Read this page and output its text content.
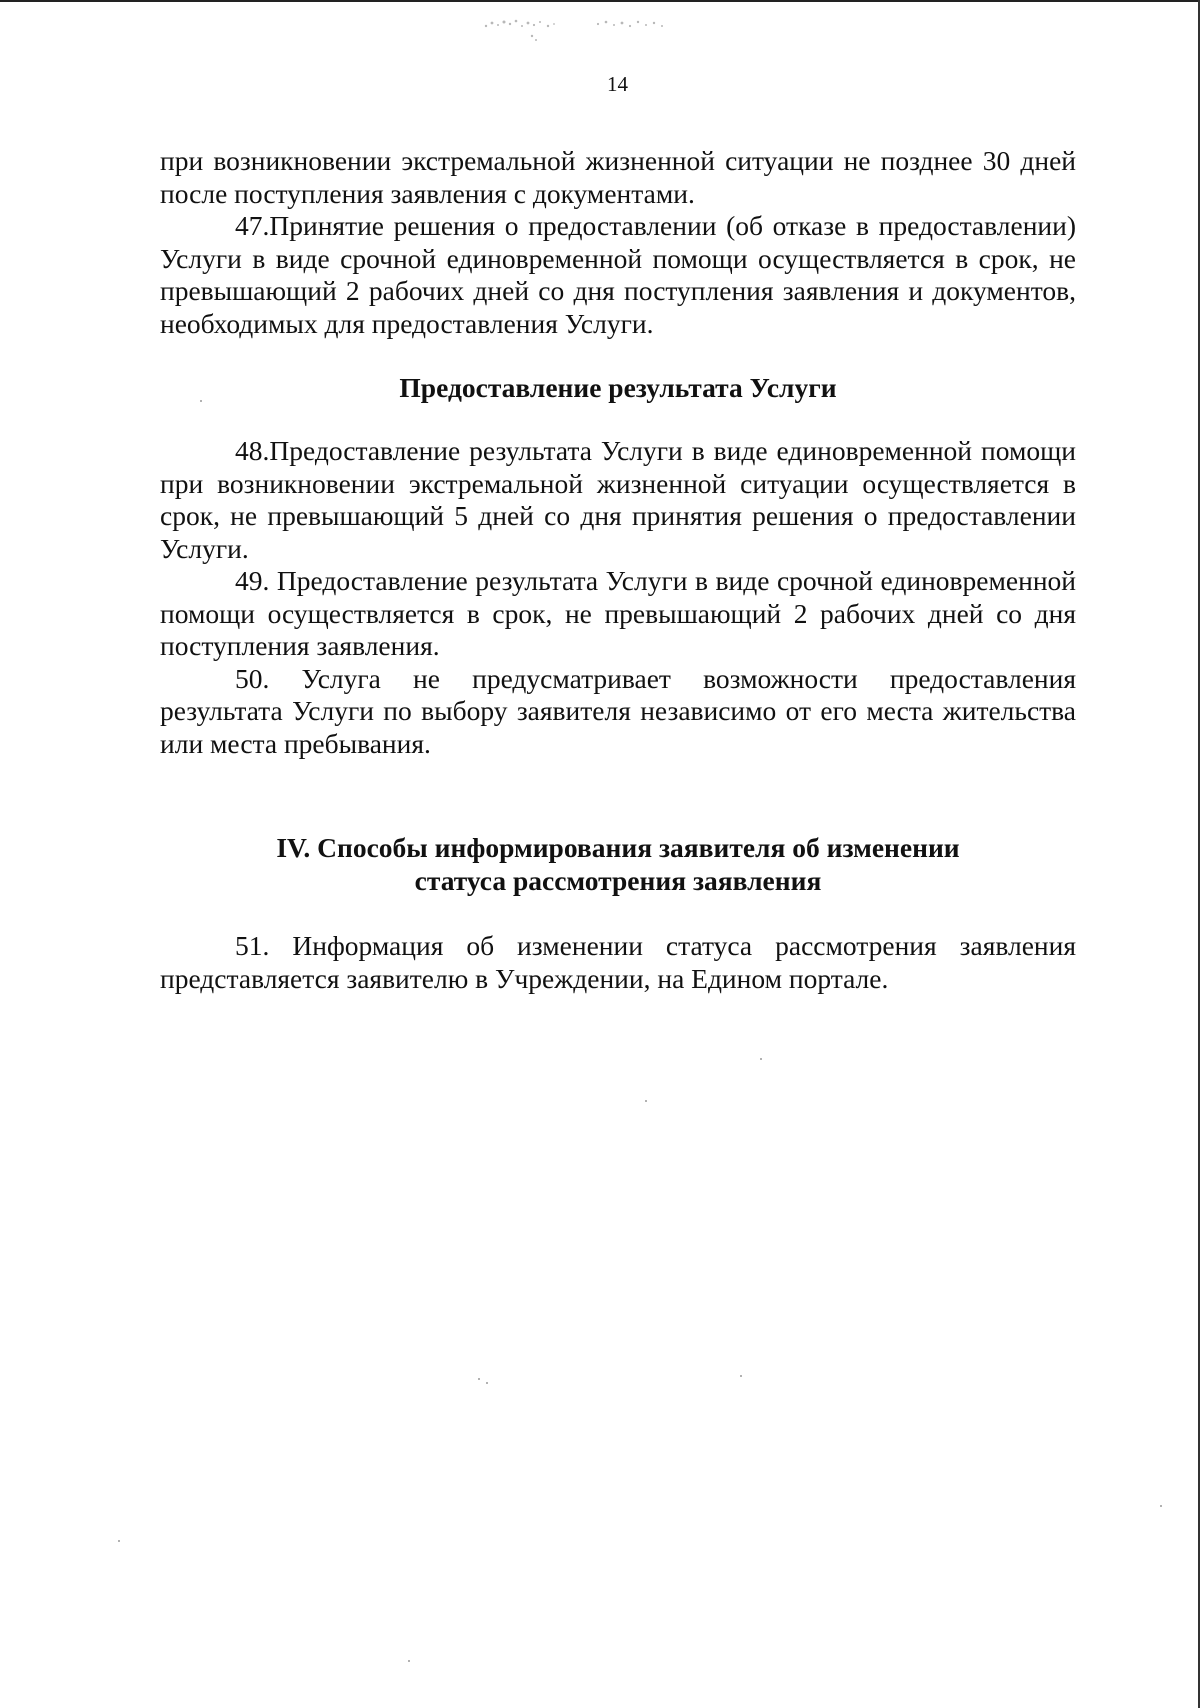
14

при возникновении экстремальной жизненной ситуации не позднее 30 дней после поступления заявления с документами.

47.Принятие решения о предоставлении (об отказе в предоставлении) Услуги в виде срочной единовременной помощи осуществляется в срок, не превышающий 2 рабочих дней со дня поступления заявления и документов, необходимых для предоставления Услуги.

Предоставление результата Услуги

48.Предоставление результата Услуги в виде единовременной помощи при возникновении экстремальной жизненной ситуации осуществляется в срок, не превышающий 5 дней со дня принятия решения о предоставлении Услуги.

49. Предоставление результата Услуги в виде срочной единовременной помощи осуществляется в срок, не превышающий 2 рабочих дней со дня поступления заявления.

50. Услуга не предусматривает возможности предоставления результата Услуги по выбору заявителя независимо от его места жительства или места пребывания.

IV. Способы информирования заявителя об изменении
статуса рассмотрения заявления

51. Информация об изменении статуса рассмотрения заявления представляется заявителю в Учреждении, на Едином портале.
